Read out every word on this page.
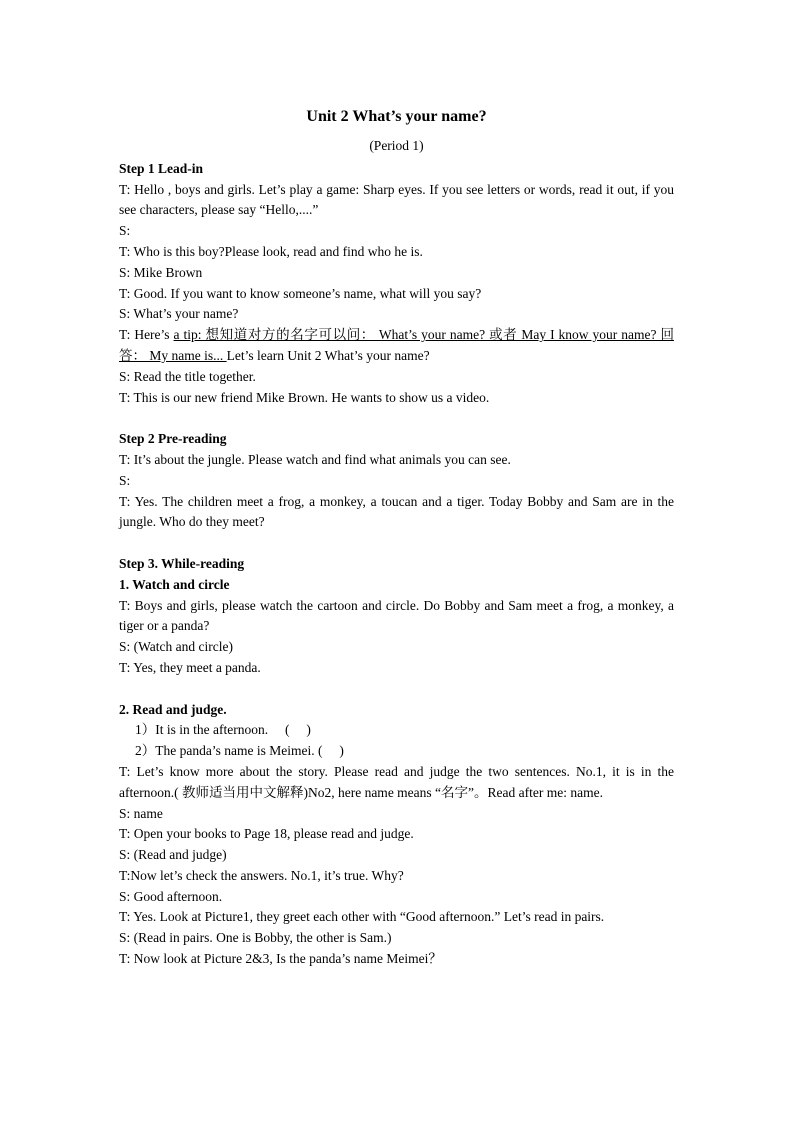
Unit 2 What’s your name?
(Period 1)
Step 1 Lead-in
T: Hello , boys and girls. Let’s play a game: Sharp eyes. If you see letters or words, read it out, if you see characters, please say “Hello,....”
S:
T: Who is this boy?Please look, read and find who he is.
S: Mike Brown
T: Good. If you want to know someone’s name, what will you say?
S: What’s your name?
T: Here’s a tip: 想知道对方的名字可以问： What’s your name? 或者 May I know your name? 回答： My name is... Let’s learn Unit 2 What’s your name?
S: Read the title together.
T: This is our new friend Mike Brown. He wants to show us a video.
Step 2 Pre-reading
T: It’s about the jungle. Please watch and find what animals you can see.
S:
T: Yes. The children meet a frog, a monkey, a toucan and a tiger. Today Bobby and Sam are in the jungle. Who do they meet?
Step 3. While-reading
1. Watch and circle
T: Boys and girls, please watch the cartoon and circle. Do Bobby and Sam meet a frog, a monkey, a tiger or a panda?
S: (Watch and circle)
T: Yes, they meet a panda.
2. Read and judge.
1）It is in the afternoon.     (     )
2）The panda’s name is Meimei. (     )
T: Let’s know more about the story. Please read and judge the two sentences. No.1, it is in the afternoon.( 教师适当用中文解释)No2, here name means “名字”。Read after me: name.
S: name
T: Open your books to Page 18, please read and judge.
S: (Read and judge)
T:Now let’s check the answers. No.1, it’s true. Why?
S: Good afternoon.
T: Yes. Look at Picture1, they greet each other with “Good afternoon.” Let’s read in pairs.
S: (Read in pairs. One is Bobby, the other is Sam.)
T: Now look at Picture 2&3, Is the panda’s name Meimei？
